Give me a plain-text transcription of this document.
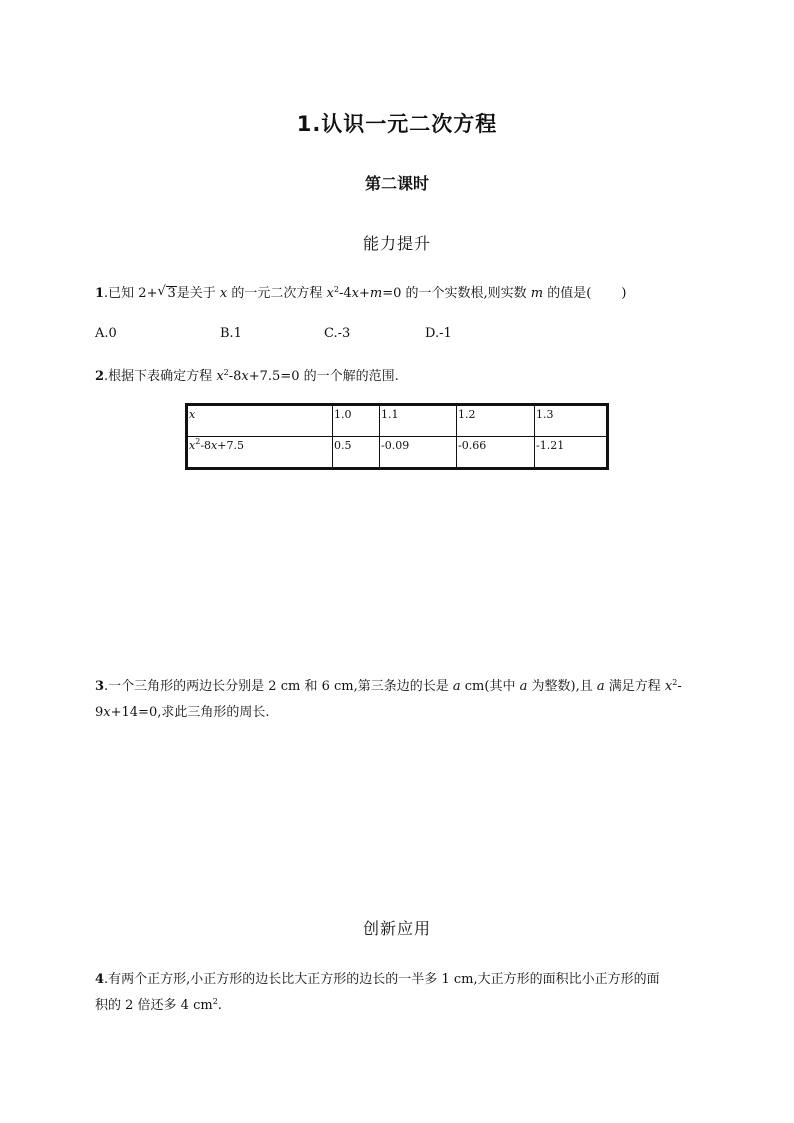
1.认识一元二次方程
第二课时
能力提升
1.已知 2+ √ 3是关于 x 的一元二次方程 $x^2-4x+m=0$ 的一个实数根,则实数 m 的值是( )
A.0	B.1	C.-3	D.-1
2.根据下表确定方程 $x^2-8x+7.5=0$ 的一个解的范围.
x	1.0	1.1	1.2	1.3
$x^2-8x+7.5$	0.5	-0.09	-0.66	-1.21
3.一个三角形的两边长分别是 2 cm 和 6 cm,第三条边的长是 a cm(其中 a 为整数),且 a 满足方程 $x^2-$
9x+14=0,求此三角形的周长.
创新应用
4.有两个正方形,小正方形的边长比大正方形的边长的一半多 1 cm,大正方形的面积比小正方形的面
积的 2 倍还多 4 $cm^2$.
